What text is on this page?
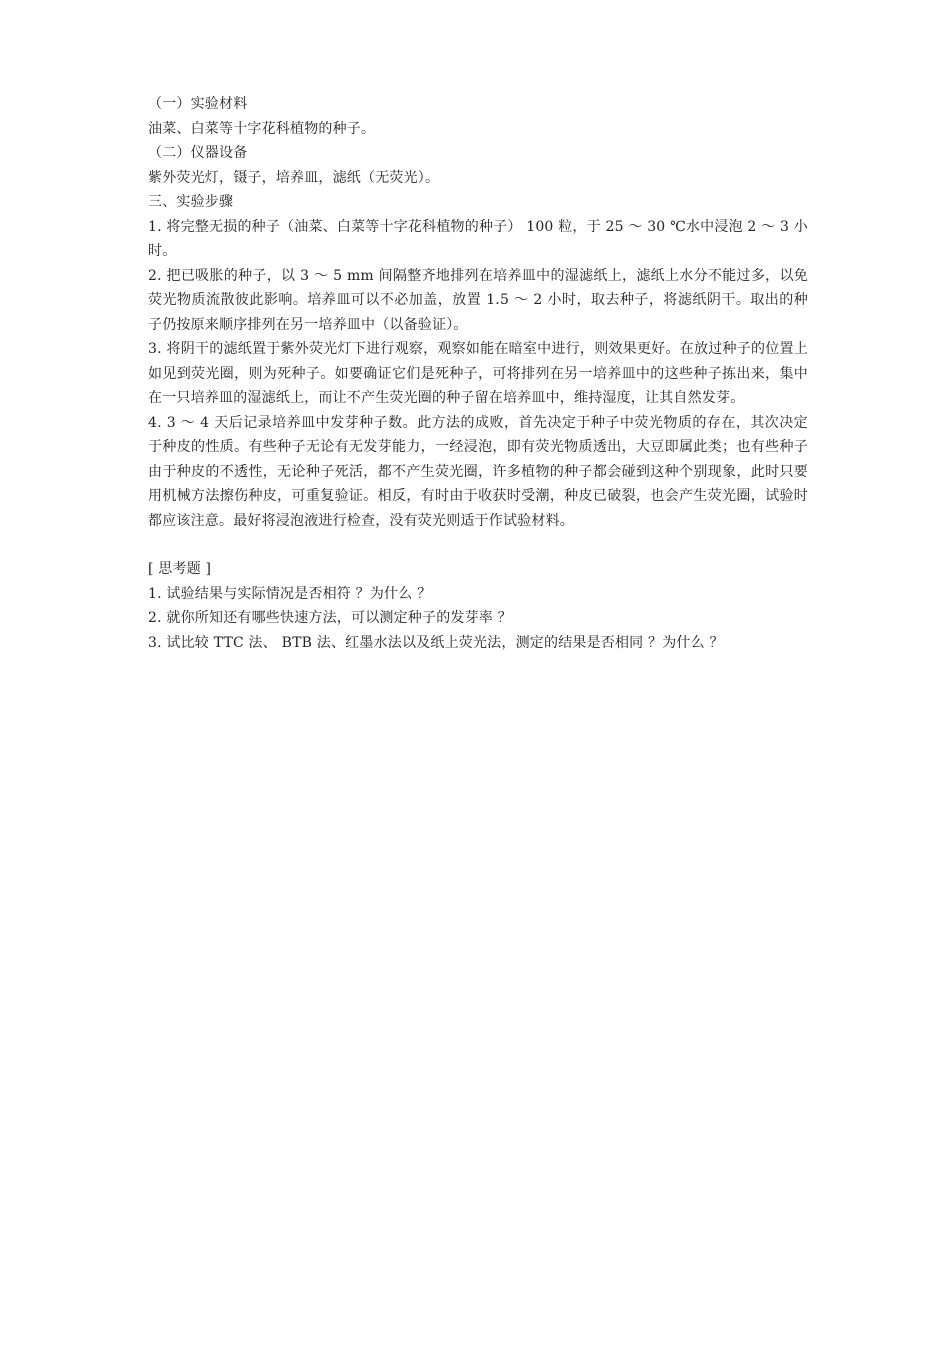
（一）实验材料
油菜、白菜等十字花科植物的种子。
（二）仪器设备
紫外荧光灯，镊子，培养皿，滤纸（无荧光）。
三、实验步骤
1. 将完整无损的种子（油菜、白菜等十字花科植物的种子） 100 粒，于 25 ～ 30 ℃水中浸泡 2 ～ 3 小时。
2. 把已吸胀的种子，以 3 ～ 5 mm 间隔整齐地排列在培养皿中的湿滤纸上，滤纸上水分不能过多，以免荧光物质流散彼此影响。培养皿可以不必加盖，放置 1.5 ～ 2 小时，取去种子，将滤纸阴干。取出的种子仍按原来顺序排列在另一培养皿中（以备验证）。
3. 将阴干的滤纸置于紫外荧光灯下进行观察，观察如能在暗室中进行，则效果更好。在放过种子的位置上如见到荧光圈，则为死种子。如要确证它们是死种子，可将排列在另一培养皿中的这些种子拣出来，集中在一只培养皿的湿滤纸上，而让不产生荧光圈的种子留在培养皿中，维持湿度，让其自然发芽。
4. 3 ～ 4 天后记录培养皿中发芽种子数。此方法的成败，首先决定于种子中荧光物质的存在，其次决定于种皮的性质。有些种子无论有无发芽能力，一经浸泡，即有荧光物质透出，大豆即属此类；也有些种子由于种皮的不透性，无论种子死活，都不产生荧光圈，许多植物的种子都会碰到这种个别现象，此时只要用机械方法擦伤种皮，可重复验证。相反，有时由于收获时受潮，种皮已破裂，也会产生荧光圈，试验时都应该注意。最好将浸泡液进行检查，没有荧光则适于作试验材料。
[ 思考题 ]
1. 试验结果与实际情况是否相符 ？为什么 ？
2. 就你所知还有哪些快速方法，可以测定种子的发芽率 ？
3. 试比较 TTC 法、 BTB 法、红墨水法以及纸上荧光法，测定的结果是否相同 ？为什么 ？
